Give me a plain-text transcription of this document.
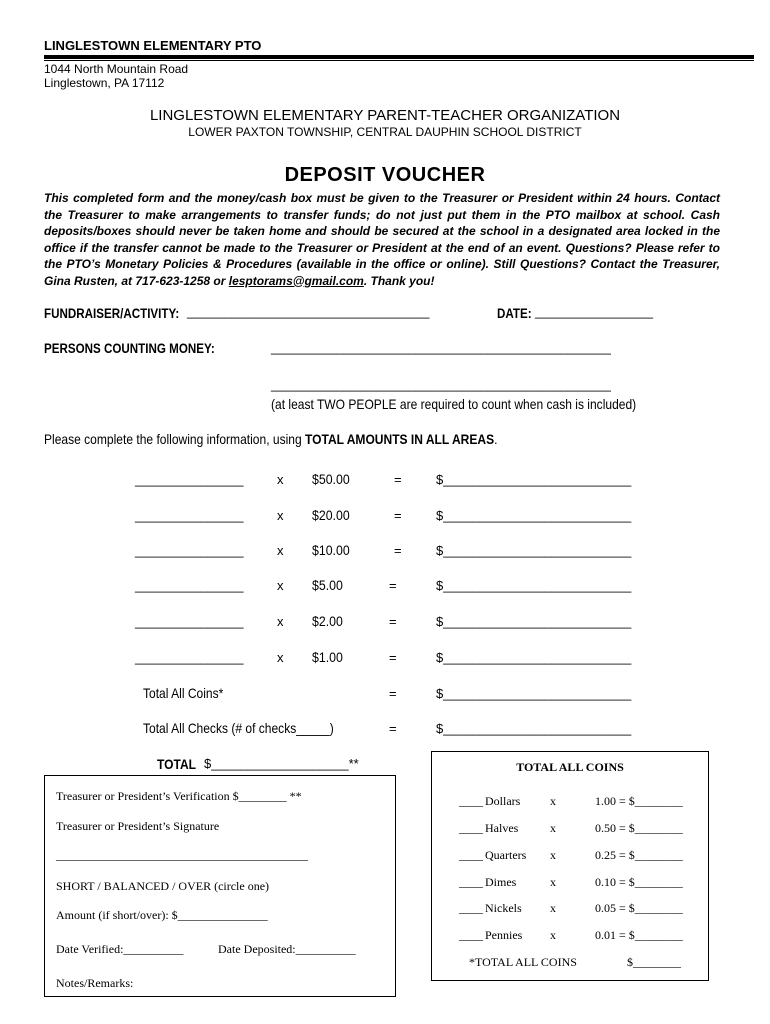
LINGLESTOWN ELEMENTARY PTO
1044 North Mountain Road
Linglestown, PA 17112
LINGLESTOWN ELEMENTARY PARENT-TEACHER ORGANIZATION
LOWER PAXTON TOWNSHIP, CENTRAL DAUPHIN SCHOOL DISTRICT
DEPOSIT VOUCHER
This completed form and the money/cash box must be given to the Treasurer or President within 24 hours. Contact the Treasurer to make arrangements to transfer funds; do not just put them in the PTO mailbox at school. Cash deposits/boxes should never be taken home and should be secured at the school in a designated area locked in the office if the transfer cannot be made to the Treasurer or President at the end of an event. Questions? Please refer to the PTO’s Monetary Policies & Procedures (available in the office or online). Still Questions? Contact the Treasurer, Gina Rusten, at 717-623-1258 or lesptorams@gmail.com. Thank you!
FUNDRAISER/ACTIVITY: _______________________________________	DATE: ___________________
PERSONS COUNTING MONEY:	_______________________________________________
_______________________________________________
(at least TWO PEOPLE are required to count when cash is included)
Please complete the following information, using TOTAL AMOUNTS IN ALL AREAS.
_______________	x $50.00	=	$__________________________
_______________	x $20.00	=	$__________________________
_______________	x $10.00	=	$__________________________
_______________	x $5.00	=	$__________________________
_______________	x $2.00	=	$__________________________
_______________	x $1.00	=	$__________________________
Total All Coins*	=	$__________________________
Total All Checks (# of checks_____)	=	$__________________________
TOTAL $___________________**
Treasurer or President’s Verification $________ **
Treasurer or President’s Signature
__________________________________________
SHORT / BALANCED / OVER (circle one)
Amount (if short/over): $_______________
Date Verified:__________	Date Deposited:__________
Notes/Remarks:
TOTAL ALL COINS
____ Dollars x	1.00 = $________
____ Halves	x	0.50 = $________
____ Quarters x	0.25 = $________
____ Dimes	x	0.10 = $________
____ Nickels x	0.05 = $________
____ Pennies x	0.01 = $________
*TOTAL ALL COINS	$________
